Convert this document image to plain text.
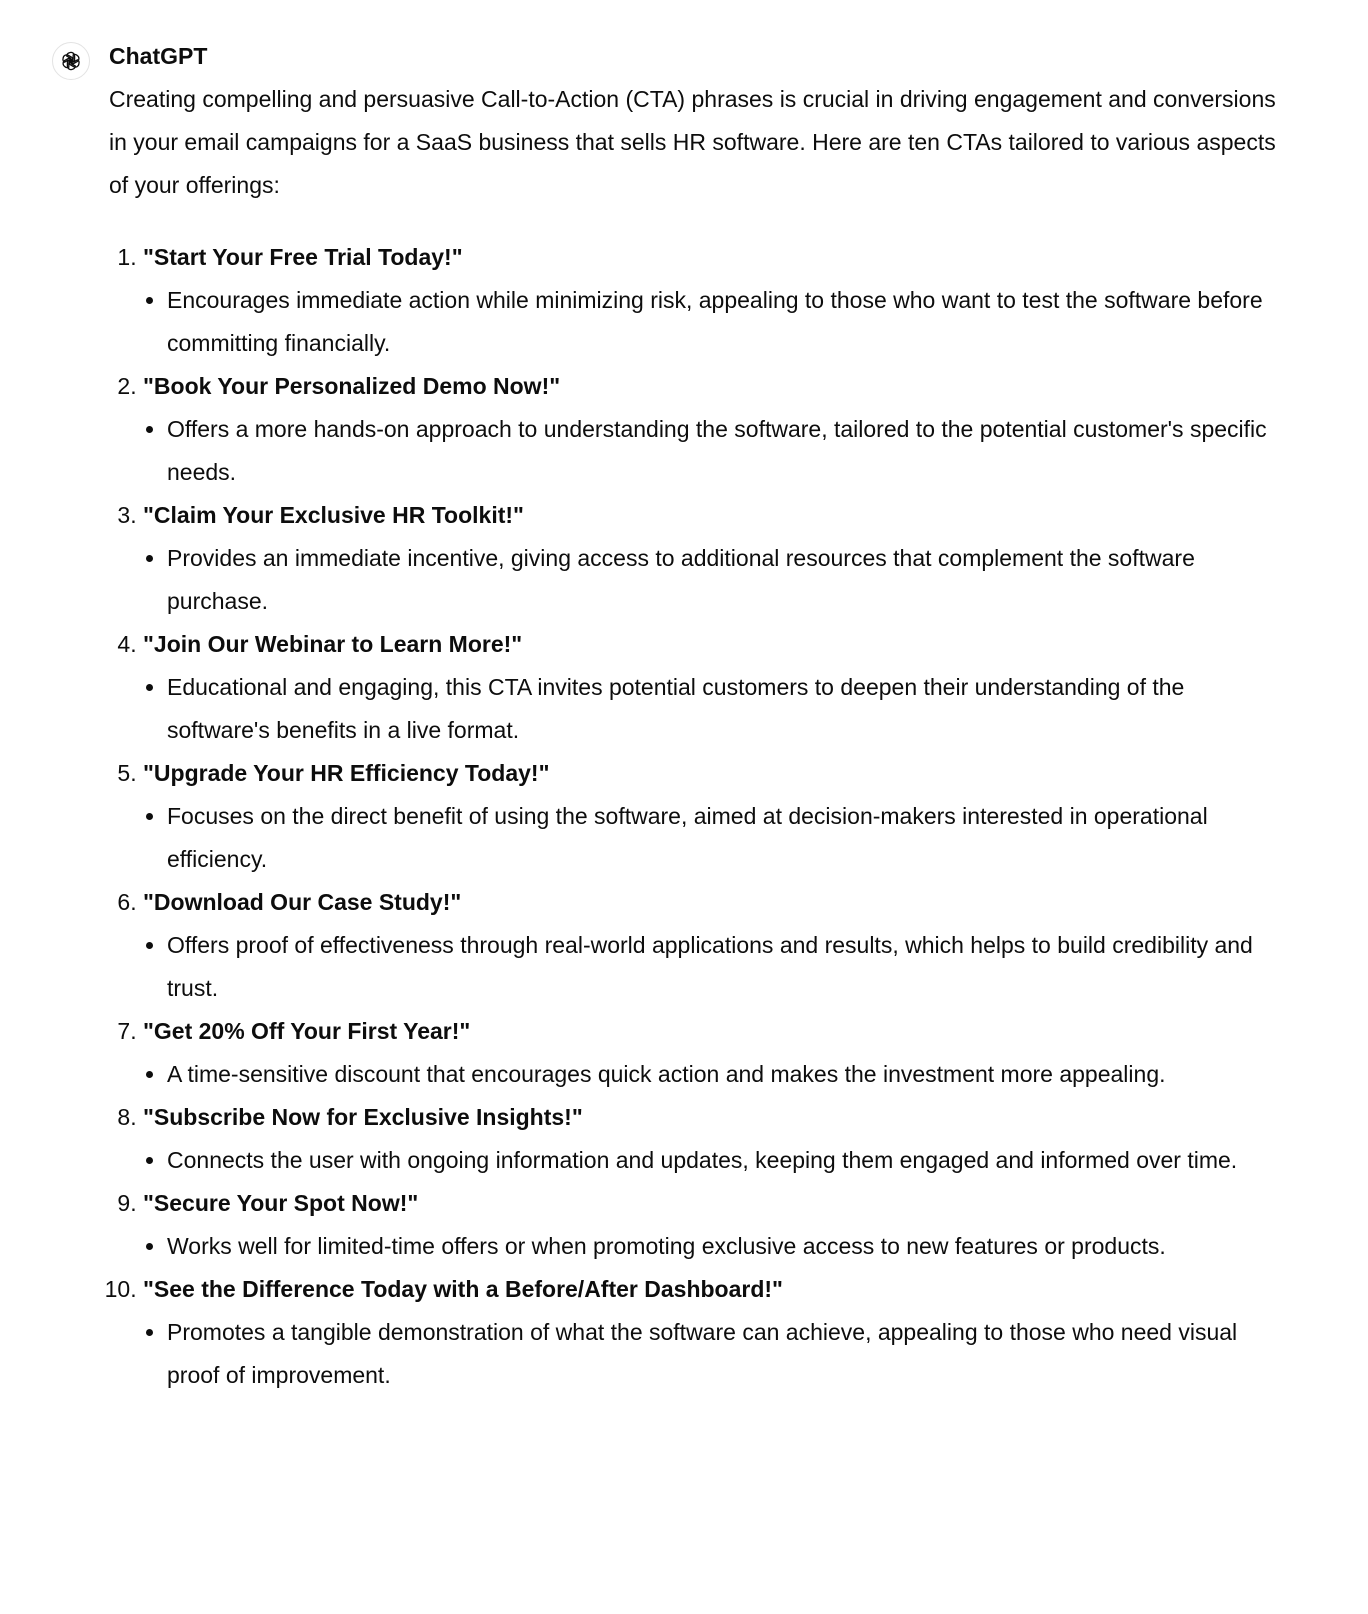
ChatGPT

Creating compelling and persuasive Call-to-Action (CTA) phrases is crucial in driving engagement and conversions in your email campaigns for a SaaS business that sells HR software. Here are ten CTAs tailored to various aspects of your offerings:

1. "Start Your Free Trial Today!"
• Encourages immediate action while minimizing risk, appealing to those who want to test the software before committing financially.
2. "Book Your Personalized Demo Now!"
• Offers a more hands-on approach to understanding the software, tailored to the potential customer's specific needs.
3. "Claim Your Exclusive HR Toolkit!"
• Provides an immediate incentive, giving access to additional resources that complement the software purchase.
4. "Join Our Webinar to Learn More!"
• Educational and engaging, this CTA invites potential customers to deepen their understanding of the software's benefits in a live format.
5. "Upgrade Your HR Efficiency Today!"
• Focuses on the direct benefit of using the software, aimed at decision-makers interested in operational efficiency.
6. "Download Our Case Study!"
• Offers proof of effectiveness through real-world applications and results, which helps to build credibility and trust.
7. "Get 20% Off Your First Year!"
• A time-sensitive discount that encourages quick action and makes the investment more appealing.
8. "Subscribe Now for Exclusive Insights!"
• Connects the user with ongoing information and updates, keeping them engaged and informed over time.
9. "Secure Your Spot Now!"
• Works well for limited-time offers or when promoting exclusive access to new features or products.
10. "See the Difference Today with a Before/After Dashboard!"
• Promotes a tangible demonstration of what the software can achieve, appealing to those who need visual proof of improvement.
